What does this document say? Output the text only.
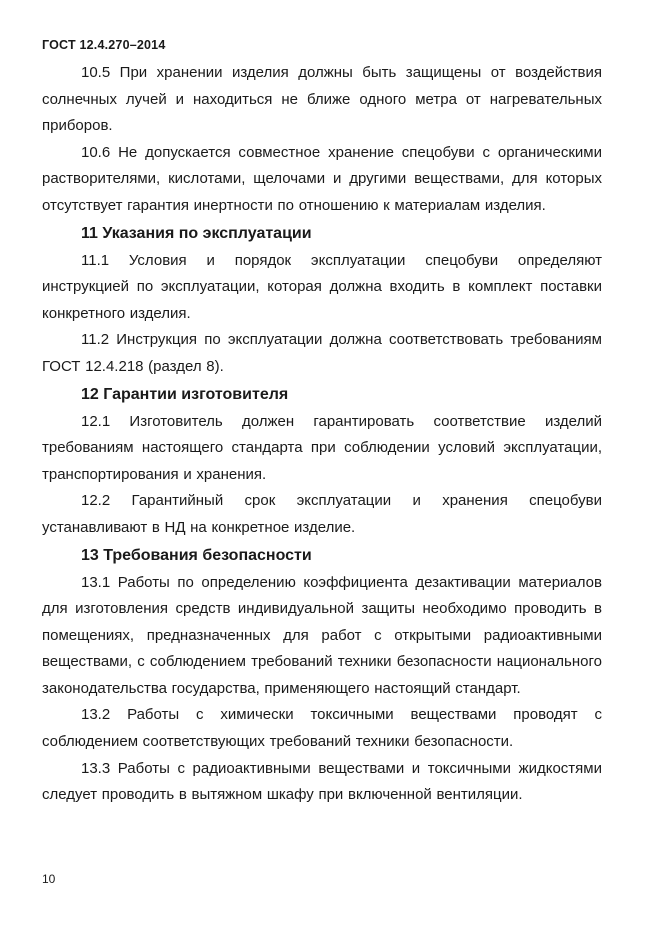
ГОСТ 12.4.270–2014

10.5 При хранении изделия должны быть защищены от воздействия солнечных лучей и находиться не ближе одного метра от нагревательных приборов.

10.6 Не допускается совместное хранение спецобуви с органическими растворителями, кислотами, щелочами и другими веществами, для которых отсутствует гарантия инертности по отношению к материалам изделия.

11 Указания по эксплуатации

11.1 Условия и порядок эксплуатации спецобуви определяют инструкцией по эксплуатации, которая должна входить в комплект поставки конкретного изделия.

11.2 Инструкция по эксплуатации должна соответствовать требованиям ГОСТ 12.4.218 (раздел 8).

12 Гарантии изготовителя

12.1 Изготовитель должен гарантировать соответствие изделий требованиям настоящего стандарта при соблюдении условий эксплуатации, транспортирования и хранения.

12.2 Гарантийный срок эксплуатации и хранения спецобуви устанавливают в НД на конкретное изделие.

13 Требования безопасности

13.1 Работы по определению коэффициента дезактивации материалов для изготовления средств индивидуальной защиты необходимо проводить в помещениях, предназначенных для работ с открытыми радиоактивными веществами, с соблюдением требований техники безопасности национального законодательства государства, применяющего настоящий стандарт.

13.2 Работы с химически токсичными веществами проводят с соблюдением соответствующих требований техники безопасности.

13.3 Работы с радиоактивными веществами и токсичными жидкостями следует проводить в вытяжном шкафу при включенной вентиляции.

10
